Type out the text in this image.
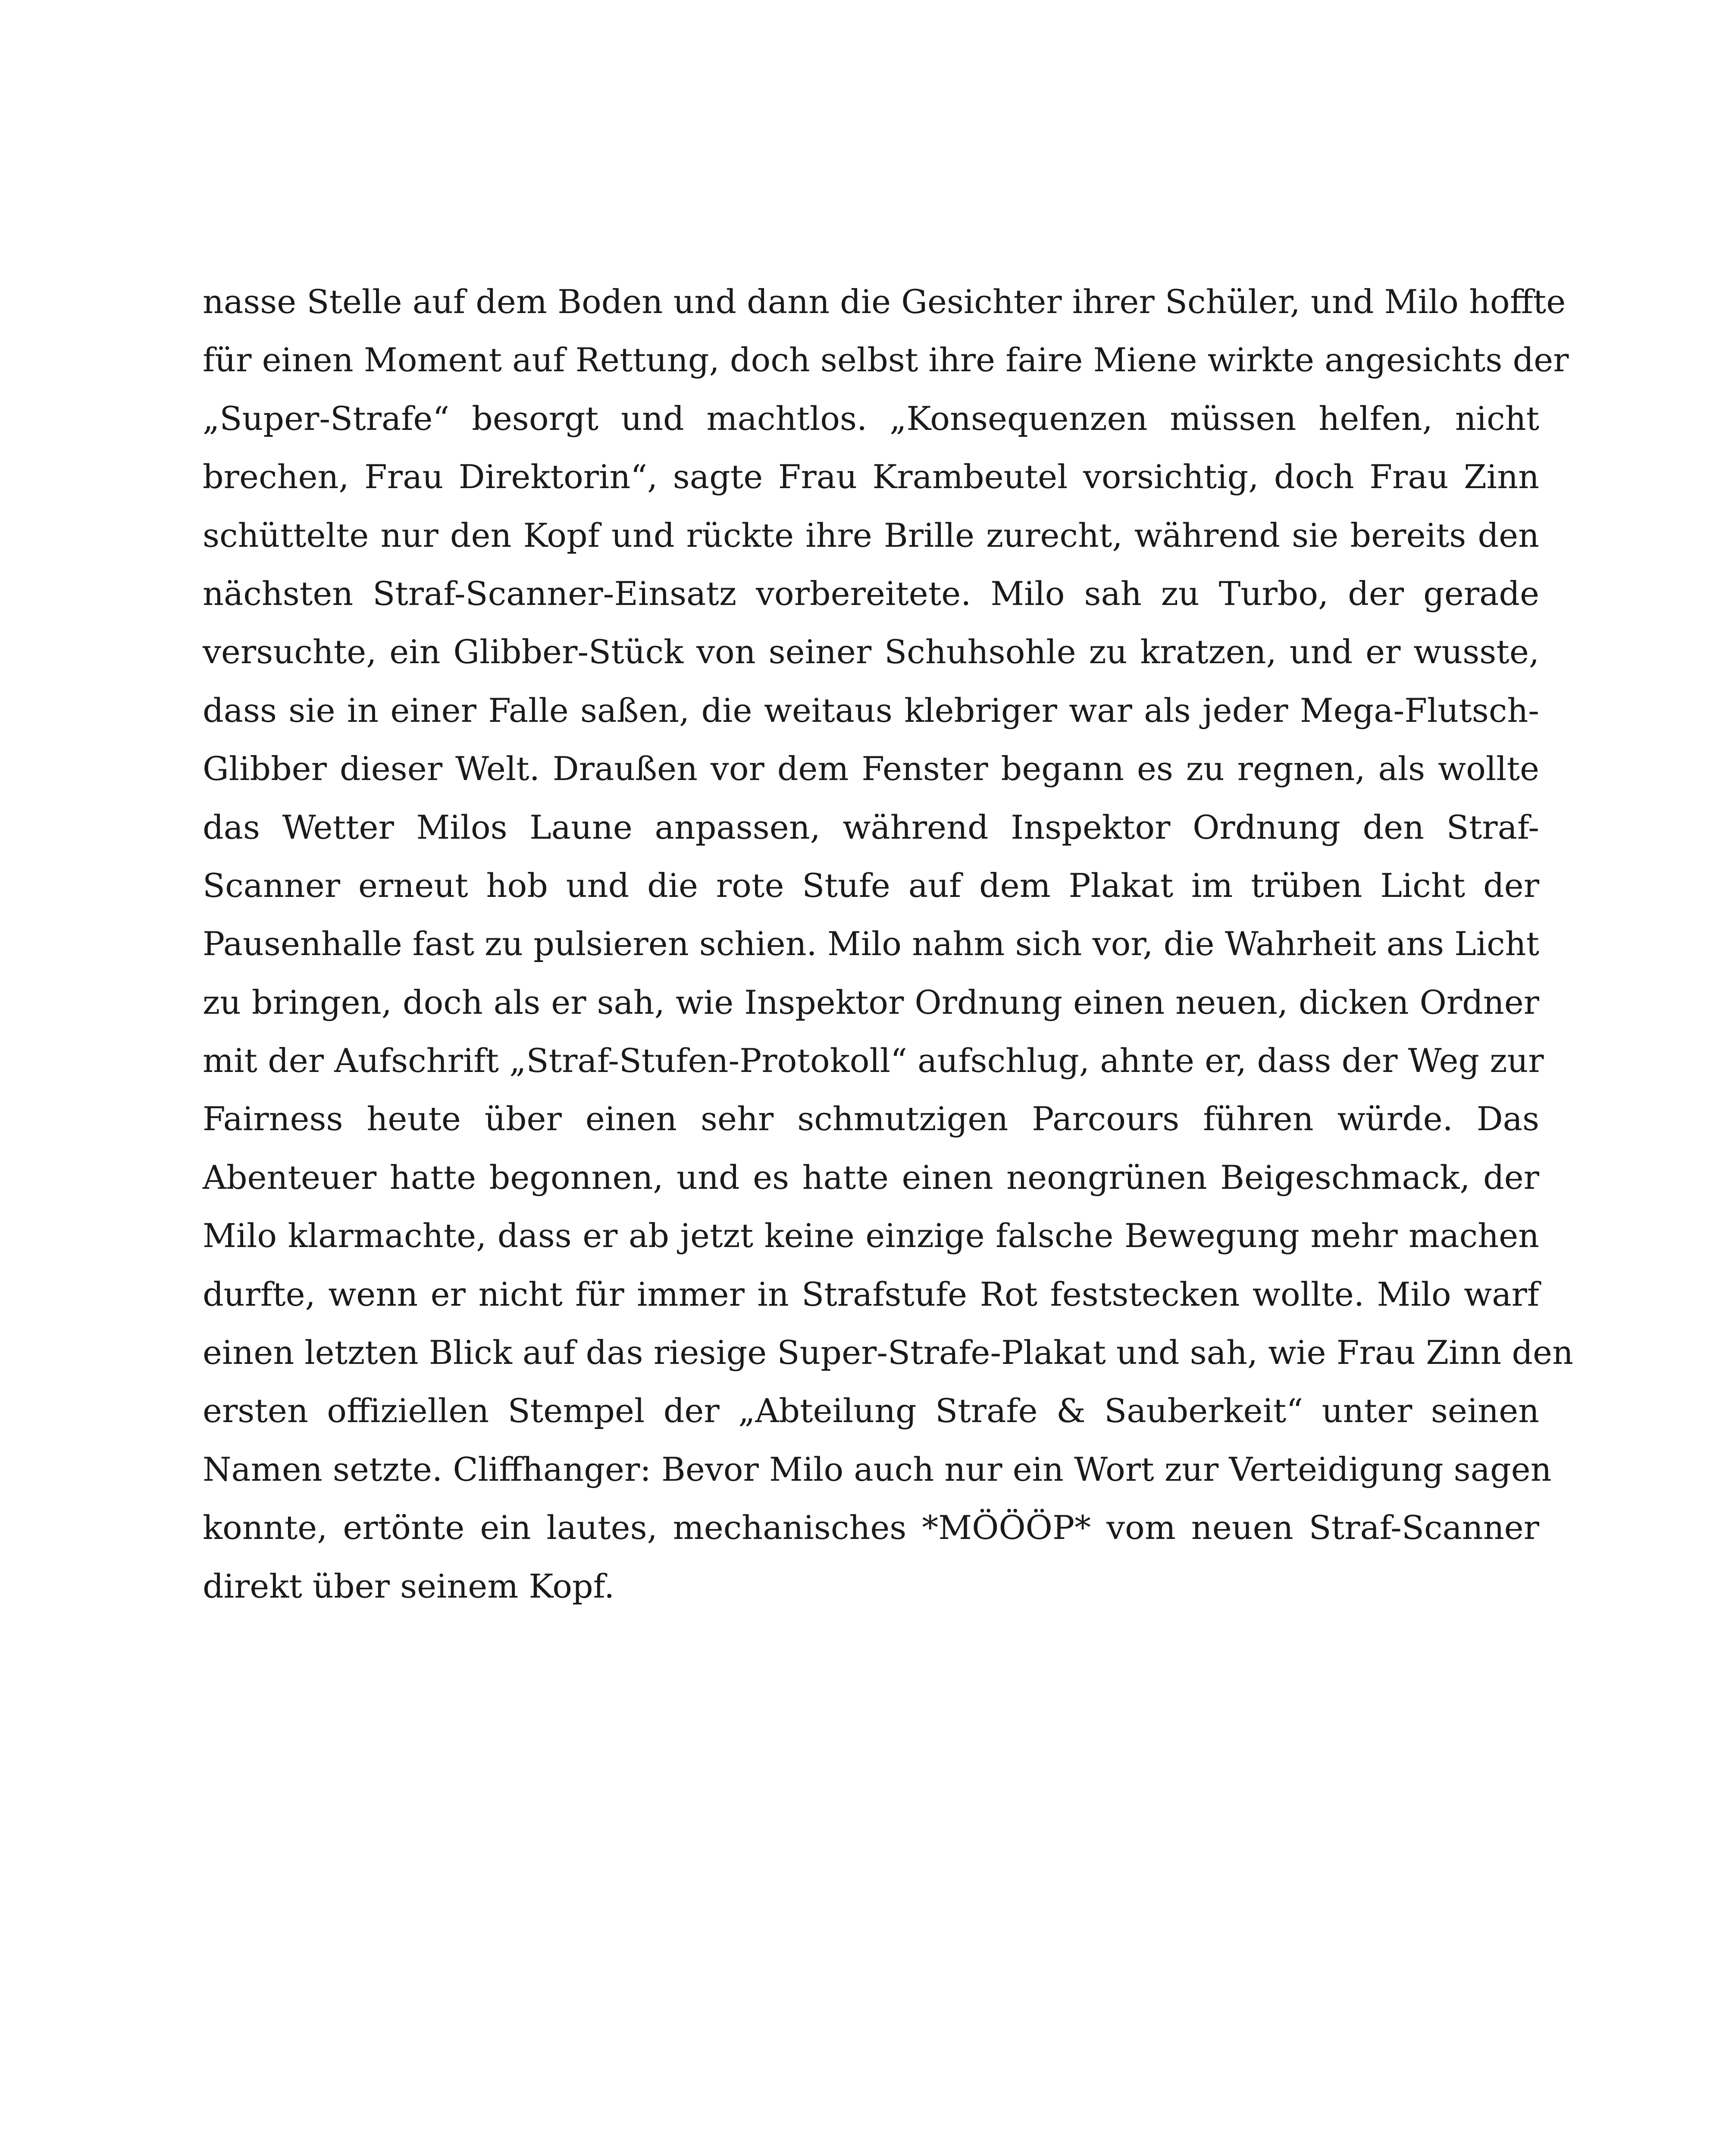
nasse Stelle auf dem Boden und dann die Gesichter ihrer Schüler, und Milo hoffte
für einen Moment auf Rettung, doch selbst ihre faire Miene wirkte angesichts der
„Super-Strafe“ besorgt und machtlos. „Konsequenzen müssen helfen, nicht
brechen, Frau Direktorin“, sagte Frau Krambeutel vorsichtig, doch Frau Zinn
schüttelte nur den Kopf und rückte ihre Brille zurecht, während sie bereits den
nächsten Straf-Scanner-Einsatz vorbereitete. Milo sah zu Turbo, der gerade
versuchte, ein Glibber-Stück von seiner Schuhsohle zu kratzen, und er wusste,
dass sie in einer Falle saßen, die weitaus klebriger war als jeder Mega-Flutsch-
Glibber dieser Welt. Draußen vor dem Fenster begann es zu regnen, als wollte
das Wetter Milos Laune anpassen, während Inspektor Ordnung den Straf-
Scanner erneut hob und die rote Stufe auf dem Plakat im trüben Licht der
Pausenhalle fast zu pulsieren schien. Milo nahm sich vor, die Wahrheit ans Licht
zu bringen, doch als er sah, wie Inspektor Ordnung einen neuen, dicken Ordner
mit der Aufschrift „Straf-Stufen-Protokoll“ aufschlug, ahnte er, dass der Weg zur
Fairness heute über einen sehr schmutzigen Parcours führen würde. Das
Abenteuer hatte begonnen, und es hatte einen neongrünen Beigeschmack, der
Milo klarmachte, dass er ab jetzt keine einzige falsche Bewegung mehr machen
durfte, wenn er nicht für immer in Strafstufe Rot feststecken wollte. Milo warf
einen letzten Blick auf das riesige Super-Strafe-Plakat und sah, wie Frau Zinn den
ersten offiziellen Stempel der „Abteilung Strafe & Sauberkeit“ unter seinen
Namen setzte. Cliffhanger: Bevor Milo auch nur ein Wort zur Verteidigung sagen
konnte, ertönte ein lautes, mechanisches *MÖÖÖP* vom neuen Straf-Scanner
direkt über seinem Kopf.
